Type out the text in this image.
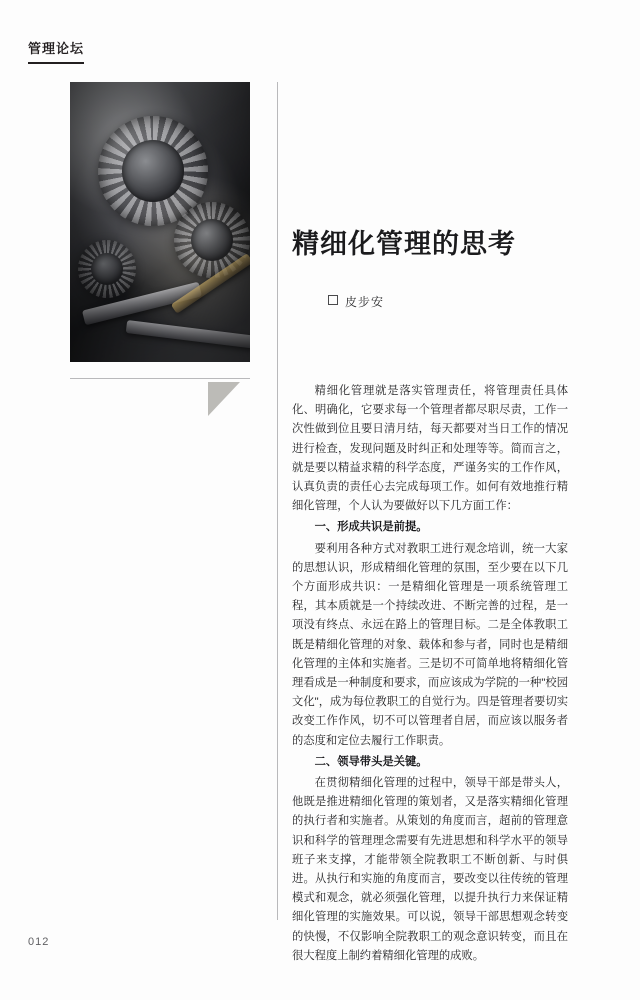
管理论坛
精细化管理的思考
皮步安

精细化管理就是落实管理责任，将管理责任具体化、明确化，它要求每一个管理者都尽职尽责，工作一次性做到位且要日清月结，每天都要对当日工作的情况进行检查，发现问题及时纠正和处理等等。简而言之，就是要以精益求精的科学态度，严谨务实的工作作风，认真负责的责任心去完成每项工作。如何有效地推行精细化管理，个人认为要做好以下几方面工作：

一、形成共识是前提。

要利用各种方式对教职工进行观念培训，统一大家的思想认识，形成精细化管理的氛围，至少要在以下几个方面形成共识：一是精细化管理是一项系统管理工程，其本质就是一个持续改进、不断完善的过程，是一项没有终点、永远在路上的管理目标。二是全体教职工既是精细化管理的对象、载体和参与者，同时也是精细化管理的主体和实施者。三是切不可简单地将精细化管理看成是一种制度和要求，而应该成为学院的一种"校园文化"，成为每位教职工的自觉行为。四是管理者要切实改变工作作风，切不可以管理者自居，而应该以服务者的态度和定位去履行工作职责。

二、领导带头是关键。

在贯彻精细化管理的过程中，领导干部是带头人，他既是推进精细化管理的策划者，又是落实精细化管理的执行者和实施者。从策划的角度而言，超前的管理意识和科学的管理理念需要有先进思想和科学水平的领导班子来支撑，才能带领全院教职工不断创新、与时俱进。从执行和实施的角度而言，要改变以往传统的管理模式和观念，就必须强化管理，以提升执行力来保证精细化管理的实施效果。可以说，领导干部思想观念转变的快慢，不仅影响全院教职工的观念意识转变，而且在很大程度上制约着精细化管理的成败。

012
